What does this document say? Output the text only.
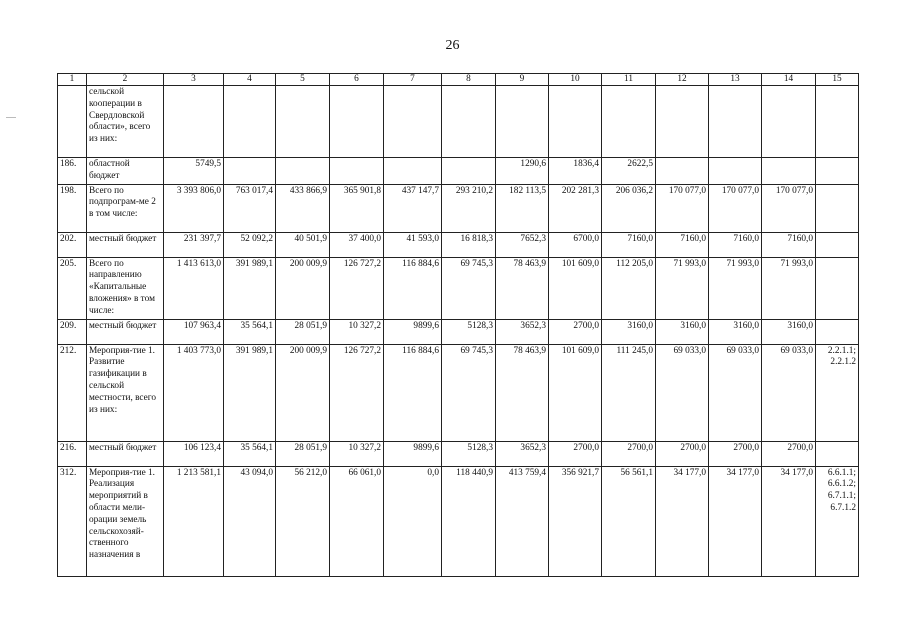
26
1	2	3	4	5	6	7	8	9	10	11	12	13	14	15
	сельской кооперации в Свердловской области», всего из них:													
186.	областной бюджет	5749,5						1290,6	1836,4	2622,5				
198.	Всего по подпрограм-ме 2 в том числе:	3 393 806,0	763 017,4	433 866,9	365 901,8	437 147,7	293 210,2	182 113,5	202 281,3	206 036,2	170 077,0	170 077,0	170 077,0	
202.	местный бюджет	231 397,7	52 092,2	40 501,9	37 400,0	41 593,0	16 818,3	7652,3	6700,0	7160,0	7160,0	7160,0	7160,0	
205.	Всего по направлению «Капитальные вложения» в том числе:	1 413 613,0	391 989,1	200 009,9	126 727,2	116 884,6	69 745,3	78 463,9	101 609,0	112 205,0	71 993,0	71 993,0	71 993,0	
209.	местный бюджет	107 963,4	35 564,1	28 051,9	10 327,2	9899,6	5128,3	3652,3	2700,0	3160,0	3160,0	3160,0	3160,0	
212.	Мероприя-тие 1. Развитие газификации в сельской местности, всего из них:	1 403 773,0	391 989,1	200 009,9	126 727,2	116 884,6	69 745,3	78 463,9	101 609,0	111 245,0	69 033,0	69 033,0	69 033,0	2.2.1.1;
2.2.1.2
216.	местный бюджет	106 123,4	35 564,1	28 051,9	10 327,2	9899,6	5128,3	3652,3	2700,0	2700,0	2700,0	2700,0	2700,0	
312.	Мероприя-тие 1. Реализация мероприятий в области мели-орации земель сельскохозяй-ственного назначения в	1 213 581,1	43 094,0	56 212,0	66 061,0	0,0	118 440,9	413 759,4	356 921,7	56 561,1	34 177,0	34 177,0	34 177,0	6.6.1.1;
6.6.1.2;
6.7.1.1;
6.7.1.2
